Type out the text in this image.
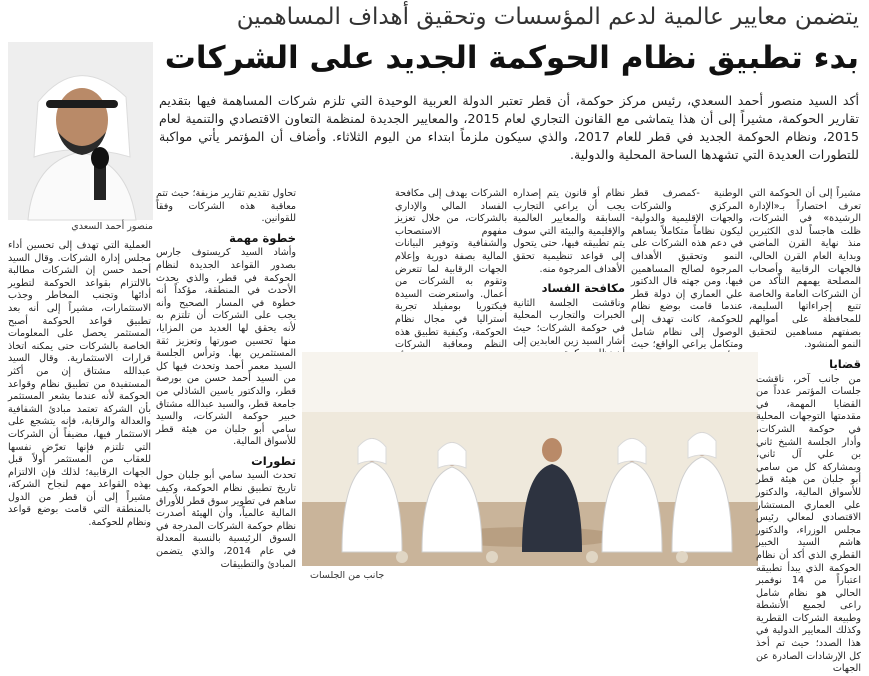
يتضمن معايير عالمية لدعم المؤسسات وتحقيق أهداف المساهمين
بدء تطبيق نظام الحوكمة الجديد على الشركات
منصور أحمد السعدي
أكد السيد منصور أحمد السعدي، رئيس مركز حوكمة، أن قطر تعتبر الدولة العربية الوحيدة التي تلزم شركات المساهمة فيها بتقديم تقارير الحوكمة، مشيراً إلى أن هذا يتماشى مع القانون التجاري لعام 2015، والمعايير الجديدة لمنظمة التعاون الاقتصادي والتنمية لعام 2015، ونظام الحوكمة الجديد في قطر للعام 2017، والذي سيكون ملزماً ابتداء من اليوم الثلاثاء. وأضاف أن المؤتمر يأتي مواكبة للتطورات العديدة التي تشهدها الساحة المحلية والدولية.

مشيراً إلى أن الحوكمة التي تعرف اختصاراً بـ«الإدارة الرشيدة» في الشركات، ظلت هاجساً لدى الكثيرين منذ نهاية القرن الماضي وبداية العام القرن الحالي، فالجهات الرقابية وأصحاب المصلحة يهمهم التأكد من أن الشركات العامة والخاصة تتبع إجراءاتها السليمة، للمحافظة على أموالهم بصفتهم مساهمين لتحقيق النمو المنشود.

الوطنية -كمصرف قطر المركزي والشركات والجهات الإقليمية والدولية- ليكون نظاماً متكاملاً يساهم في دعم هذه الشركات على النمو وتحقيق الأهداف المرجوة لصالح المساهمين فيها. ومن جهته قال الدكتور علي العماري إن دولة قطر عندما قامت بوضع نظام للحوكمة، كانت تهدف إلى الوصول إلى نظام شامل ومتكامل يراعي الواقع؛ حيث

نظام أو قانون يتم إصداره يجب أن يراعي التجارب السابقة والمعايير العالمية والإقليمية والبيئة التي سوف يتم تطبيقه فيها، حتى يتحول إلى قواعد تنظيمية تحقق الأهداف المرجوة منه.

مكافحة الفساد

وناقشت الجلسة الثانية الخبرات والتجارب المحلية في حوكمة الشركات؛ حيث أشار السيد زين العابدين إلى

الشركات يهدف إلى مكافحة الفساد المالي والإداري بالشركات، من خلال تعزيز مفهوم الاستصحاب والشفافية وتوفير البيانات المالية بصفة دورية وإعلام الجهات الرقابية لما تتعرض وتقوم به الشركات من أعمال. واستعرضت السيدة فيكتوريا بومفيلد تجربة أستراليا في مجال نظام الحوكمة، وكيفية تطبيق هذه النظم ومعاقبة الشركات

تحاول تقديم تقارير مزيفة؛ حيث تتم معاقبة هذه الشركات وفقاً للقوانين.

خطوة مهمة

وأشاد السيد كريستوف جارس بصدور القواعد الجديدة لنظام الحوكمة في قطر، والذي يحدث الأحدث في المنطقة، مؤكداً أنه خطوة في المسار الصحيح وأنه يجب على الشركات أن تلتزم به لأنه يحقق لها العديد من المزايا، منها تحسين صورتها وتعزيز ثقة المستثمرين بها. وترأس الجلسة السيد معمر أحمد وتحدث فيها كل من السيد أحمد حسن من بورصة قطر، والدكتور ياسين الشاذلي من جامعة قطر، والسيد عبدالله مشتاق خبير حوكمة الشركات، والسيد سامي أبو جلبان من هيئة قطر للأسواق المالية.

تطورات

تحدث السيد سامي أبو جلبان حول تاريخ تطبيق نظام الحوكمة، وكيف ساهم في تطوير سوق قطر للأوراق المالية عالمياً، وأن الهيئة أصدرت نظام حوكمة الشركات المدرجة في السوق الرئيسية بالنسبة المعدلة في عام 2014، والذي يتضمن المبادئ والتطبيقات

العملية التي تهدف إلى تحسين أداء مجلس إدارة الشركات. وقال السيد أحمد حسن إن الشركات مطالبة بالالتزام بقواعد الحوكمة لتطوير أدائها وتجنب المخاطر وجذب الاستثمارات، مشيراً إلى أنه بعد تطبيق قواعد الحوكمة أصبح المستثمر يحصل على المعلومات الخاصة بالشركات حتى يمكنه اتخاذ قرارات الاستثمارية. وقال السيد عبدالله مشتاق إن من أكثر المستفيدة من تطبيق نظام وقواعد الحوكمة لأنه عندما يشعر المستثمر بأن الشركة تعتمد مبادئ الشفافية والعدالة والرقابة، فإنه يتشجع على الاستثمار فيها، مضيفاً أن الشركات التي تلتزم فإنها تعرّض نفسها للعقاب من المستثمر أولاً قبل الجهات الرقابية؛ لذلك فإن الالتزام بهذه القواعد مهم لنجاح الشركة، مشيراً إلى أن قطر من الدول بالمنطقة التي قامت بوضع قواعد ونظام للحوكمة.

جانب من الجلسات
قضايا

من جانب آخر، ناقشت جلسات المؤتمر عدداً من القضايا المهمة، في مقدمتها التوجهات المحلية في حوكمة الشركات، وأدار الجلسة الشيخ ثاني بن علي آل ثاني، وبمشاركة كل من سامي أبو جلبان من هيئة قطر للأسواق المالية، والدكتور علي العماري المستشار الاقتصادي لمعالي رئيس مجلس الوزراء، والدكتور هاشم السيد الخبير القطري الذي أكد أن نظام الحوكمة الذي يبدأ تطبيقه اعتباراً من 14 نوفمبر الحالي هو نظام شامل راعى لجميع الأنشطة وطبيعة الشركات القطرية وكذلك المعايير الدولية في هذا الصدد؛ حيث تم أخذ كل الإرشادات الصادرة عن الجهات
